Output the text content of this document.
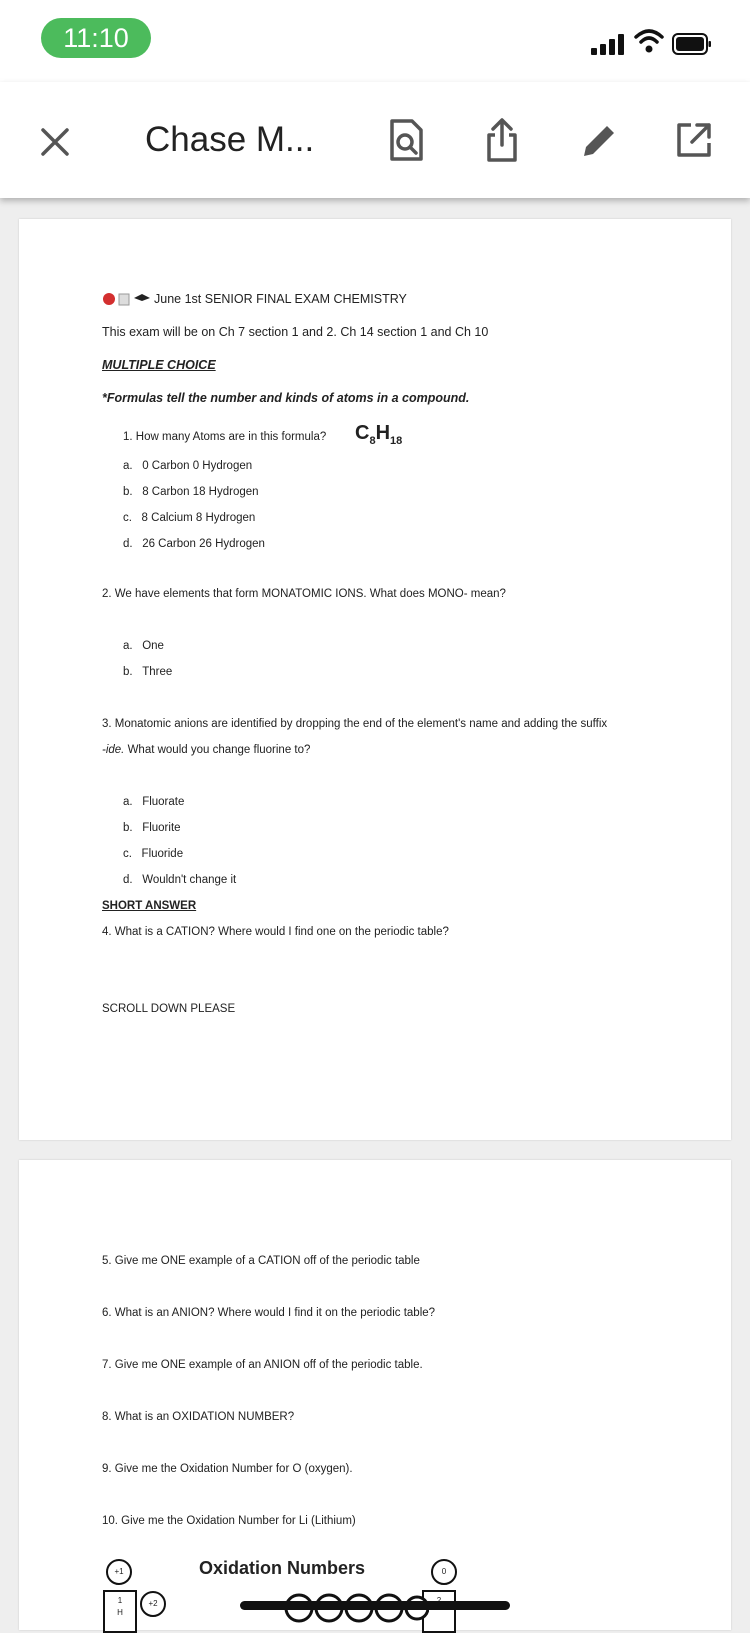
11:10
Chase M...
June 1st SENIOR FINAL EXAM CHEMISTRY
This exam will be on Ch 7 section 1 and 2. Ch 14 section 1 and Ch 10
MULTIPLE CHOICE
*Formulas tell the number and kinds of atoms in a compound.
1. How many Atoms are in this formula? $C_8H_{18}$
a. 0 Carbon 0 Hydrogen
b. 8 Carbon 18 Hydrogen
c. 8 Calcium 8 Hydrogen
d. 26 Carbon 26 Hydrogen
2. We have elements that form MONATOMIC IONS. What does MONO- mean?
a. One
b. Three
3. Monatomic anions are identified by dropping the end of the element's name and adding the suffix
-ide. What would you change fluorine to?
a. Fluorate
b. Fluorite
c. Fluoride
d. Wouldn't change it
SHORT ANSWER
4. What is a CATION? Where would I find one on the periodic table?
SCROLL DOWN PLEASE
5. Give me ONE example of a CATION off of the periodic table
6. What is an ANION? Where would I find it on the periodic table?
7. Give me ONE example of an ANION off of the periodic table.
8. What is an OXIDATION NUMBER?
9. Give me the Oxidation Number for O (oxygen).
10. Give me the Oxidation Number for Li (Lithium)
+1	Oxidation Numbers	0
1
H
+2
